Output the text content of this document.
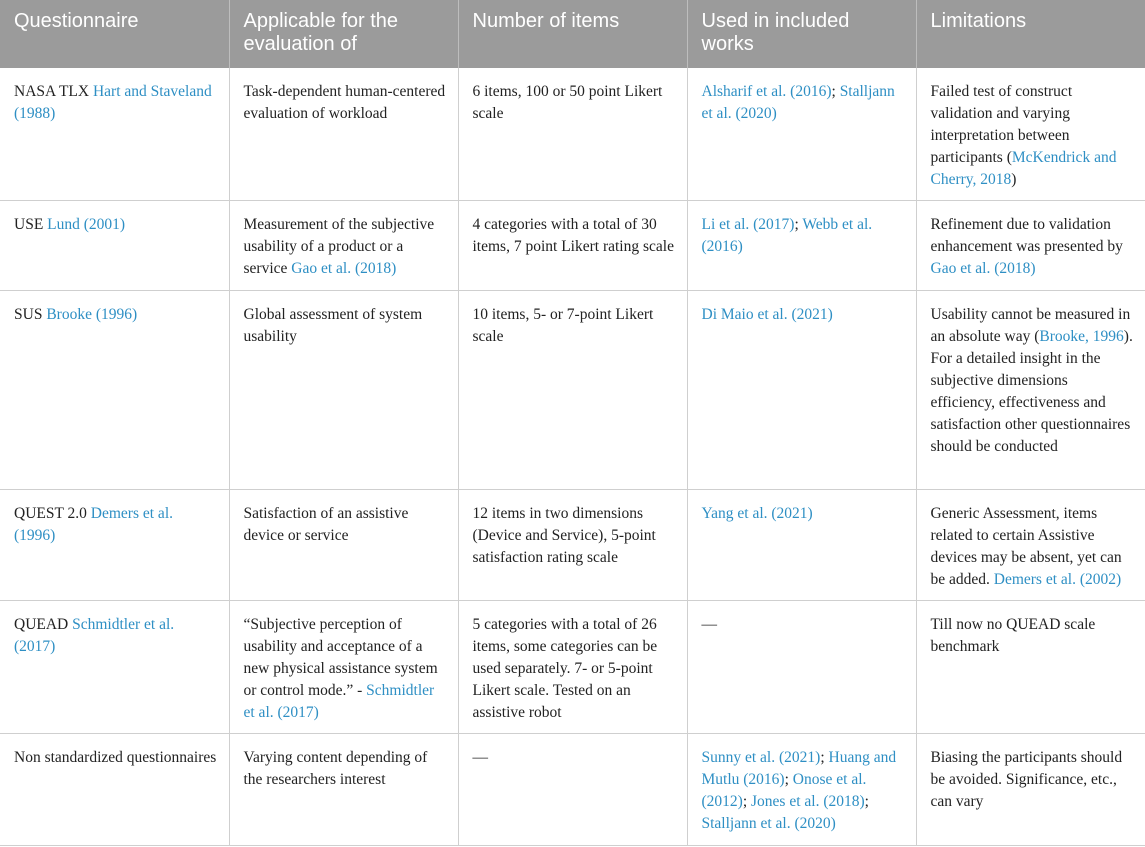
Questionnaire	Applicable for the evaluation of	Number of items	Used in included works	Limitations
NASA TLX Hart and Staveland (1988)	Task-dependent human-centered evaluation of workload	6 items, 100 or 50 point Likert scale	Alsharif et al. (2016); Stalljann et al. (2020)	Failed test of construct validation and varying interpretation between participants (McKendrick and Cherry, 2018)
USE Lund (2001)	Measurement of the subjective usability of a product or a service Gao et al. (2018)	4 categories with a total of 30 items, 7 point Likert rating scale	Li et al. (2017); Webb et al. (2016)	Refinement due to validation enhancement was presented by Gao et al. (2018)
SUS Brooke (1996)	Global assessment of system usability	10 items, 5- or 7-point Likert scale	Di Maio et al. (2021)	Usability cannot be measured in an absolute way (Brooke, 1996). For a detailed insight in the subjective dimensions efficiency, effectiveness and satisfaction other questionnaires should be conducted
QUEST 2.0 Demers et al. (1996)	Satisfaction of an assistive device or service	12 items in two dimensions (Device and Service), 5-point satisfaction rating scale	Yang et al. (2021)	Generic Assessment, items related to certain Assistive devices may be absent, yet can be added. Demers et al. (2002)
QUEAD Schmidtler et al. (2017)	“Subjective perception of usability and acceptance of a new physical assistance system or control mode.” - Schmidtler et al. (2017)	5 categories with a total of 26 items, some categories can be used separately. 7- or 5-point Likert scale. Tested on an assistive robot	—	Till now no QUEAD scale benchmark
Non standardized questionnaires	Varying content depending of the researchers interest	—	Sunny et al. (2021); Huang and Mutlu (2016); Onose et al. (2012); Jones et al. (2018); Stalljann et al. (2020)	Biasing the participants should be avoided. Significance, etc., can vary
